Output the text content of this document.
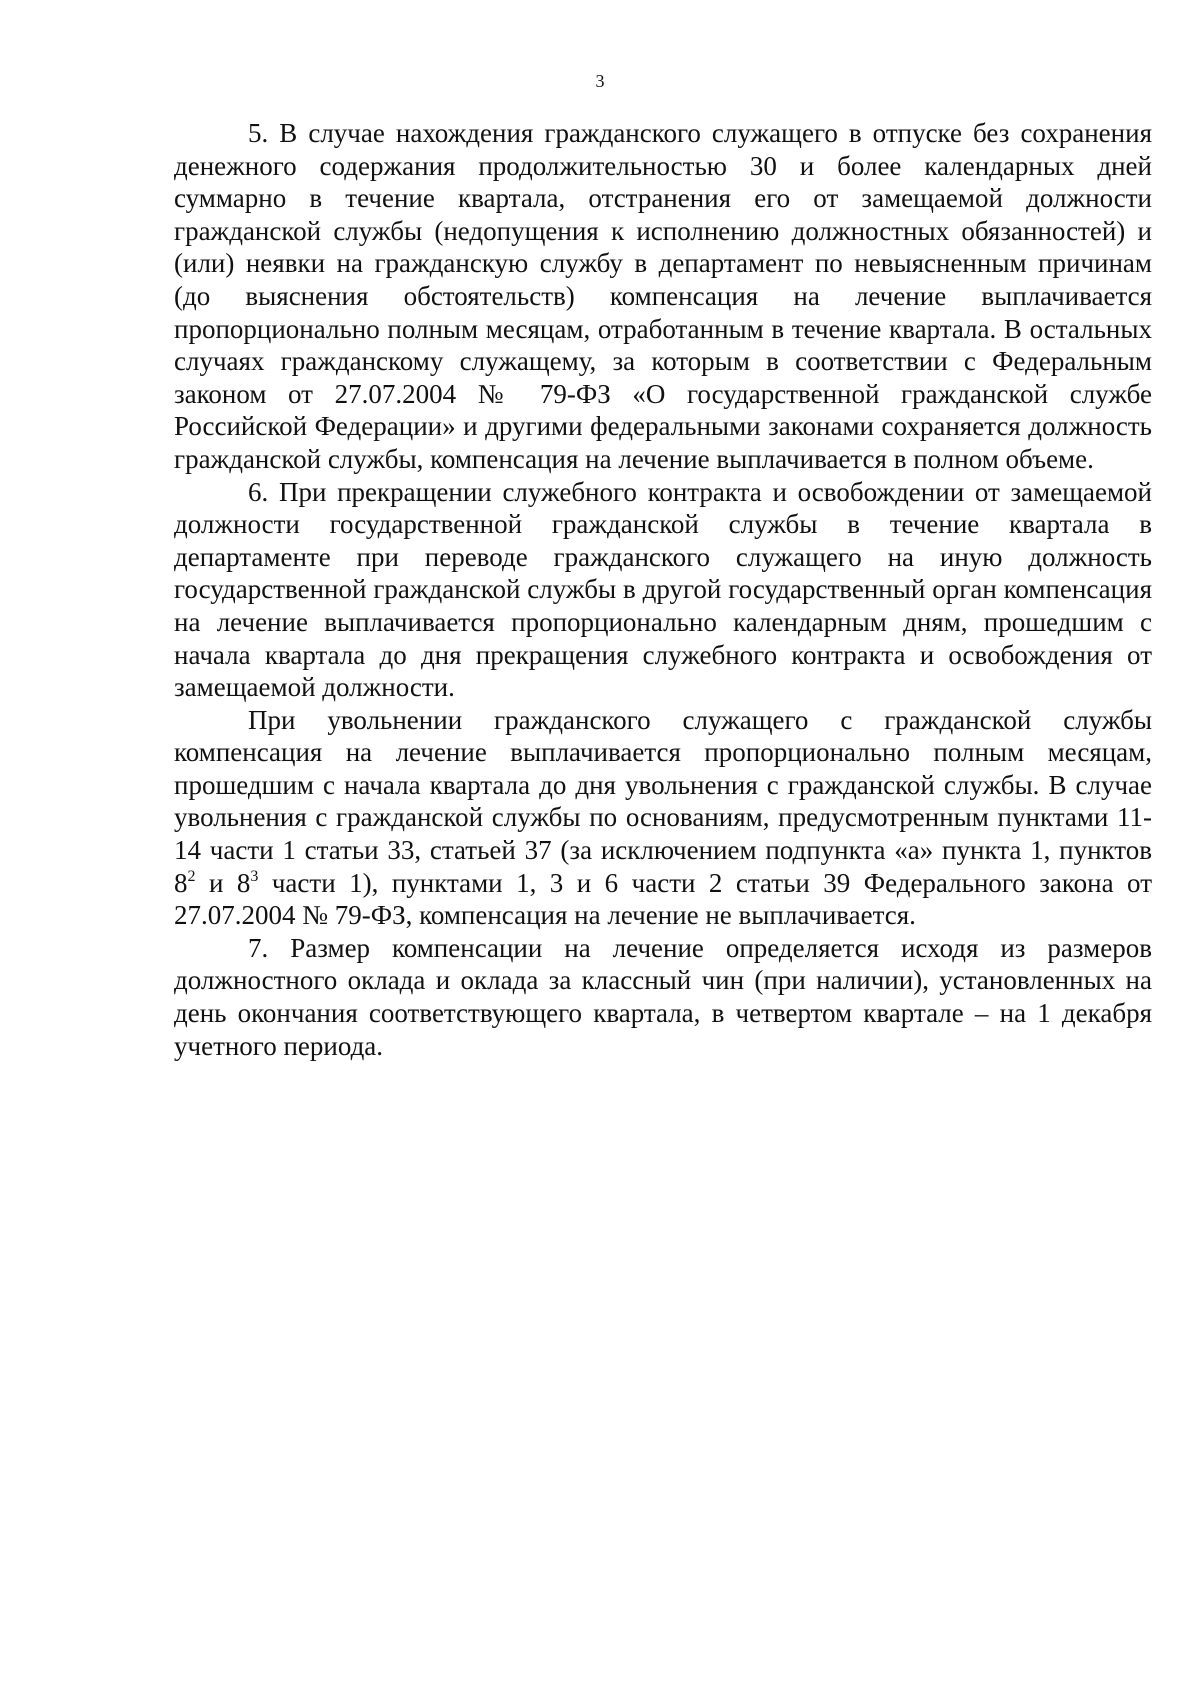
3

5. В случае нахождения гражданского служащего в отпуске без сохранения денежного содержания продолжительностью 30 и более календарных дней суммарно в течение квартала, отстранения его от замещаемой должности гражданской службы (недопущения к исполнению должностных обязанностей) и (или) неявки на гражданскую службу в департамент по невыясненным причинам (до выяснения обстоятельств) компенсация на лечение выплачивается пропорционально полным месяцам, отработанным в течение квартала. В остальных случаях гражданскому служащему, за которым в соответствии с Федеральным законом от 27.07.2004 № 79-ФЗ «О государственной гражданской службе Российской Федерации» и другими федеральными законами сохраняется должность гражданской службы, компенсация на лечение выплачивается в полном объеме.

6. При прекращении служебного контракта и освобождении от замещаемой должности государственной гражданской службы в течение квартала в департаменте при переводе гражданского служащего на иную должность государственной гражданской службы в другой государственный орган компенсация на лечение выплачивается пропорционально календарным дням, прошедшим с начала квартала до дня прекращения служебного контракта и освобождения от замещаемой должности.

При увольнении гражданского служащего с гражданской службы компенсация на лечение выплачивается пропорционально полным месяцам, прошедшим с начала квартала до дня увольнения с гражданской службы. В случае увольнения с гражданской службы по основаниям, предусмотренным пунктами 11-14 части 1 статьи 33, статьей 37 (за исключением подпункта «а» пункта 1, пунктов $8^2$ и $8^3$ части 1), пунктами 1, 3 и 6 части 2 статьи 39 Федерального закона от 27.07.2004 № 79-ФЗ, компенсация на лечение не выплачивается.

7. Размер компенсации на лечение определяется исходя из размеров должностного оклада и оклада за классный чин (при наличии), установленных на день окончания соответствующего квартала, в четвертом квартале – на 1 декабря учетного периода.
